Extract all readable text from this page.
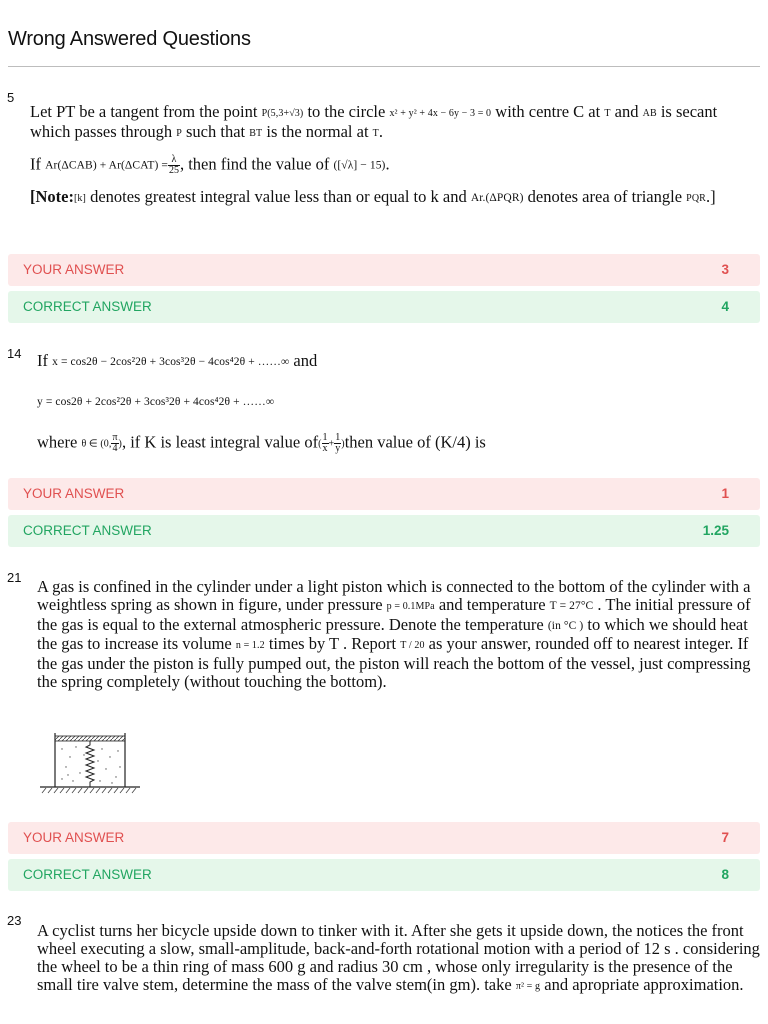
Wrong Answered Questions
5

Let PT be a tangent from the point P(5,3+√3) to the circle x² + y² + 4x − 6y − 3 = 0 with centre C at T and AB is secant which passes through P such that BT is the normal at T.

If $Ar(\Delta CAB) + Ar(\Delta CAT) = \frac{\lambda}{25}$ , then find the value of ([√λ] − 15).

[Note:[k] denotes greatest integral value less than or equal to k and Ar.(ΔPQR) denotes area of triangle PQR.]

YOUR ANSWER	3
CORRECT ANSWER	4
14 If x = cos2θ − 2cos²2θ + 3cos³2θ − 4cos⁴2θ + ……∞ and

y = cos2θ + 2cos²2θ + 3cos³2θ + 4cos⁴2θ + ……∞

where θ ∈ (0, $\frac{\pi}{4}$ ), if K is least integral value $of( \frac{1}{x} + \frac{1}{y}$ )then value of (K/4) is

YOUR ANSWER	1
CORRECT ANSWER	1.25
21 A gas is confined in the cylinder under a light piston which is connected to the bottom of the cylinder with a weightless spring as shown in figure, under pressure p = 0.1MPa and temperature T = 27°C . The initial pressure of the gas is equal to the external atmospheric pressure. Denote the temperature (in °C ) to which we should heat the gas to increase its volume n = 1.2 times by T . Report T / 20 as your answer, rounded off to nearest integer. If the gas under the piston is fully pumped out, the piston will reach the bottom of the vessel, just compressing the spring completely (without touching the bottom).

YOUR ANSWER	7
CORRECT ANSWER	8
23

A cyclist turns her bicycle upside down to tinker with it. After she gets it upside down, the notices the front wheel executing a slow, small-amplitude, back-and-forth rotational motion with a period of 12 s . considering the wheel to be a thin ring of mass 600 g and radius 30 cm , whose only irregularity is the presence of the small tire valve stem, determine the mass of the valve stem(in gm). take π² = g and apropriate approximation.
